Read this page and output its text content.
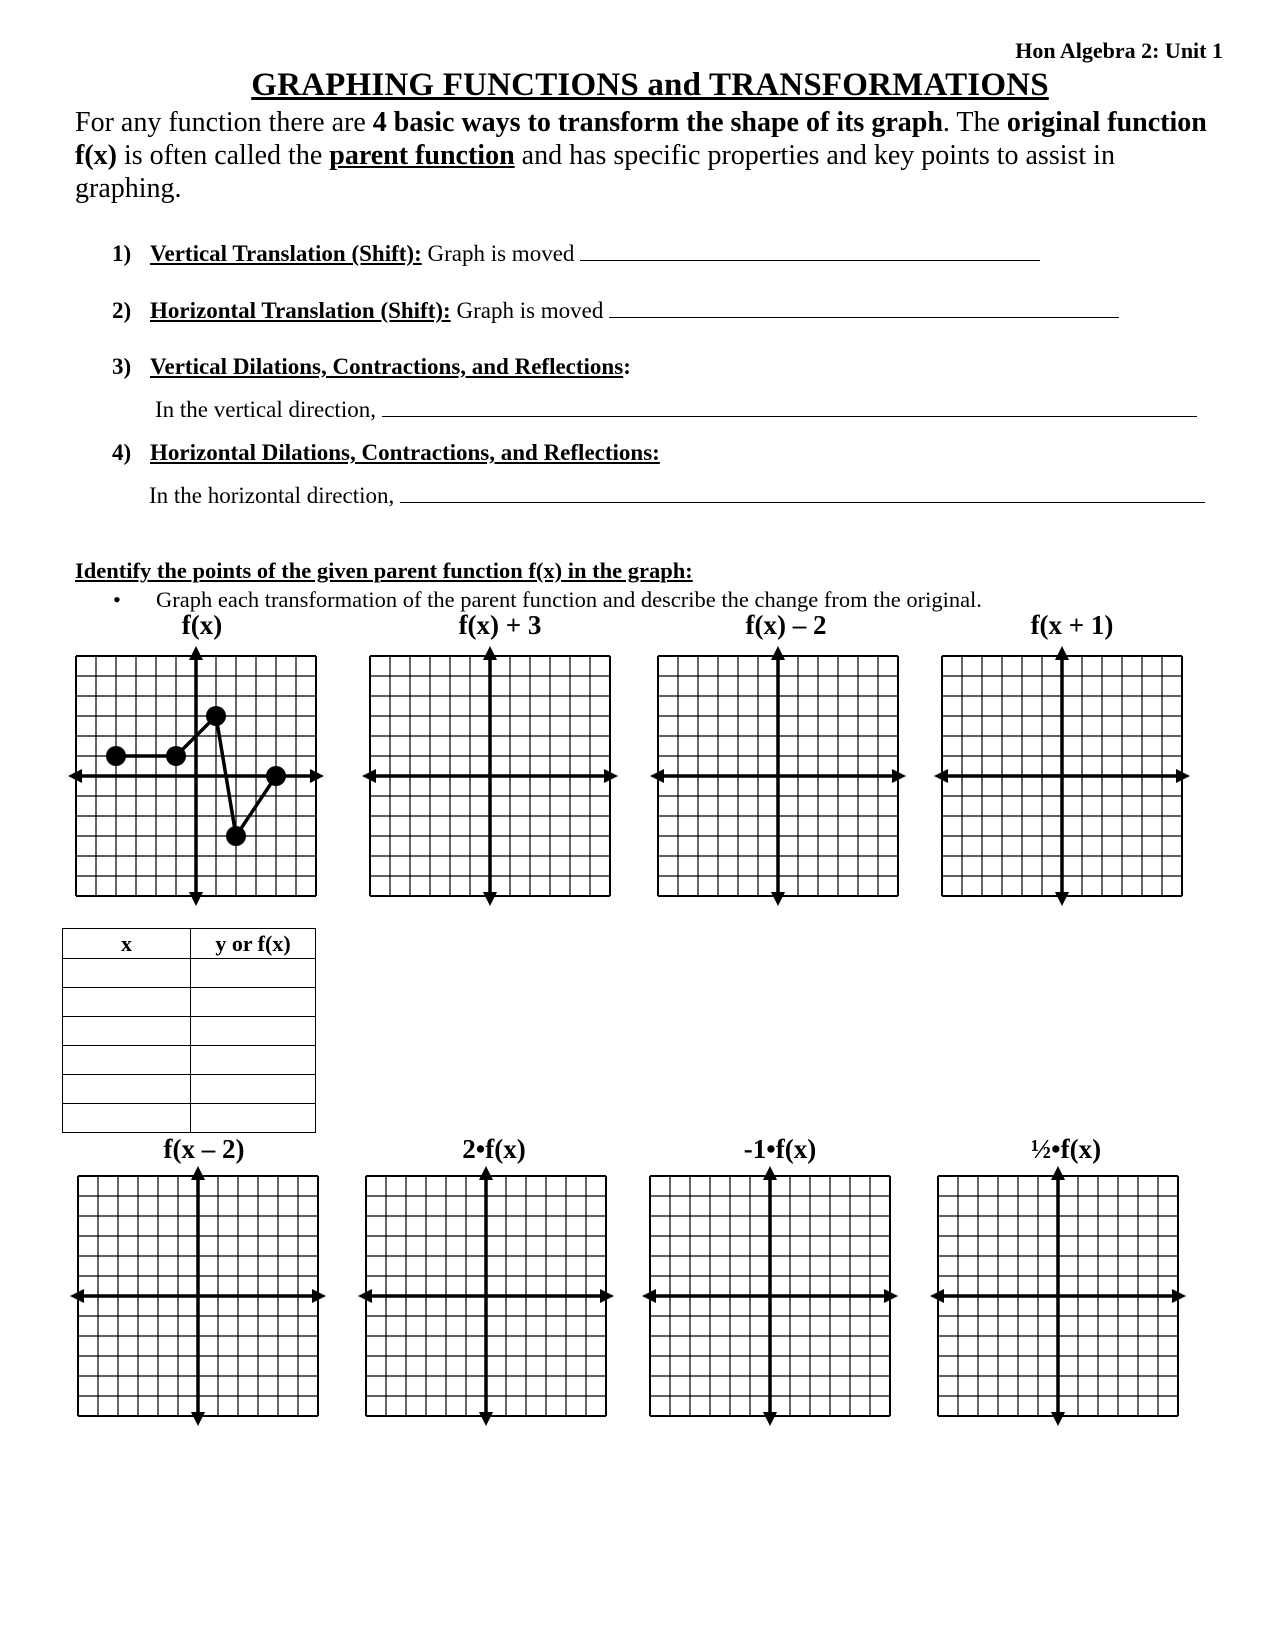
Hon Algebra 2: Unit 1
GRAPHING FUNCTIONS and TRANSFORMATIONS
For any function there are 4 basic ways to transform the shape of its graph. The original function f(x) is often called the parent function and has specific properties and key points to assist in graphing.
1) Vertical Translation (Shift): Graph is moved
2) Horizontal Translation (Shift): Graph is moved
3) Vertical Dilations, Contractions, and Reflections:
In the vertical direction,
4) Horizontal Dilations, Contractions, and Reflections:
In the horizontal direction,
Identify the points of the given parent function f(x) in the graph:
• Graph each transformation of the parent function and describe the change from the original.
f(x)	f(x) + 3	f(x) – 2	f(x + 1)
f(x – 2)	2•f(x)	-1•f(x)	½•f(x)
x	y or f(x)
